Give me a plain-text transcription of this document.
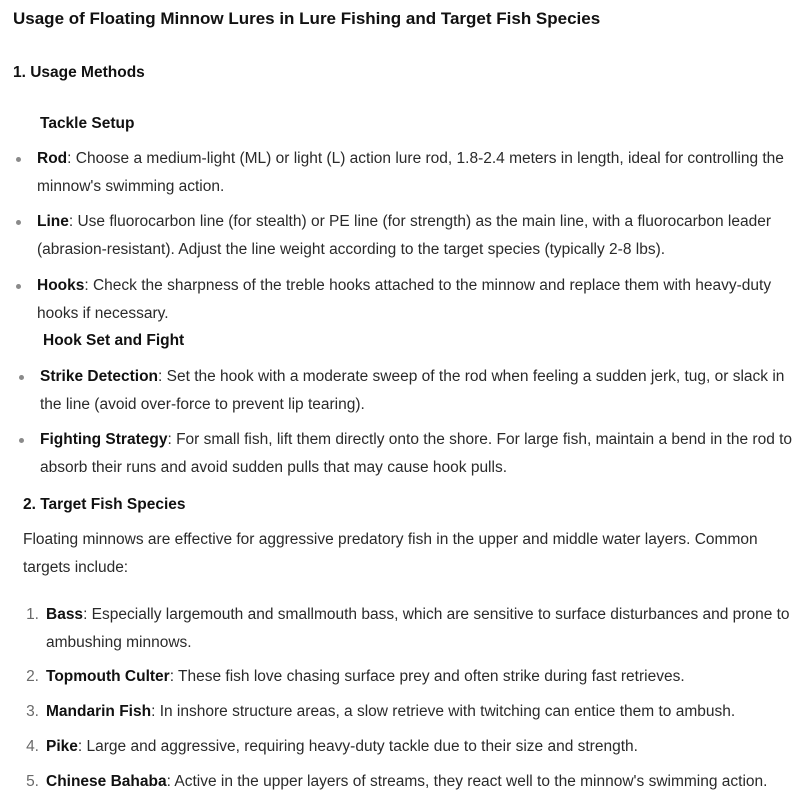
Usage of Floating Minnow Lures in Lure Fishing and Target Fish Species
1. Usage Methods
Tackle Setup
Rod: Choose a medium-light (ML) or light (L) action lure rod, 1.8-2.4 meters in length, ideal for controlling the minnow's swimming action.
Line: Use fluorocarbon line (for stealth) or PE line (for strength) as the main line, with a fluorocarbon leader (abrasion-resistant). Adjust the line weight according to the target species (typically 2-8 lbs).
Hooks: Check the sharpness of the treble hooks attached to the minnow and replace them with heavy-duty hooks if necessary.
Hook Set and Fight
Strike Detection: Set the hook with a moderate sweep of the rod when feeling a sudden jerk, tug, or slack in the line (avoid over-force to prevent lip tearing).
Fighting Strategy: For small fish, lift them directly onto the shore. For large fish, maintain a bend in the rod to absorb their runs and avoid sudden pulls that may cause hook pulls.
2. Target Fish Species
Floating minnows are effective for aggressive predatory fish in the upper and middle water layers. Common targets include:
1. Bass: Especially largemouth and smallmouth bass, which are sensitive to surface disturbances and prone to ambushing minnows.
2. Topmouth Culter: These fish love chasing surface prey and often strike during fast retrieves.
3. Mandarin Fish: In inshore structure areas, a slow retrieve with twitching can entice them to ambush.
4. Pike: Large and aggressive, requiring heavy-duty tackle due to their size and strength.
5. Chinese Bahaba: Active in the upper layers of streams, they react well to the minnow's swimming action.
